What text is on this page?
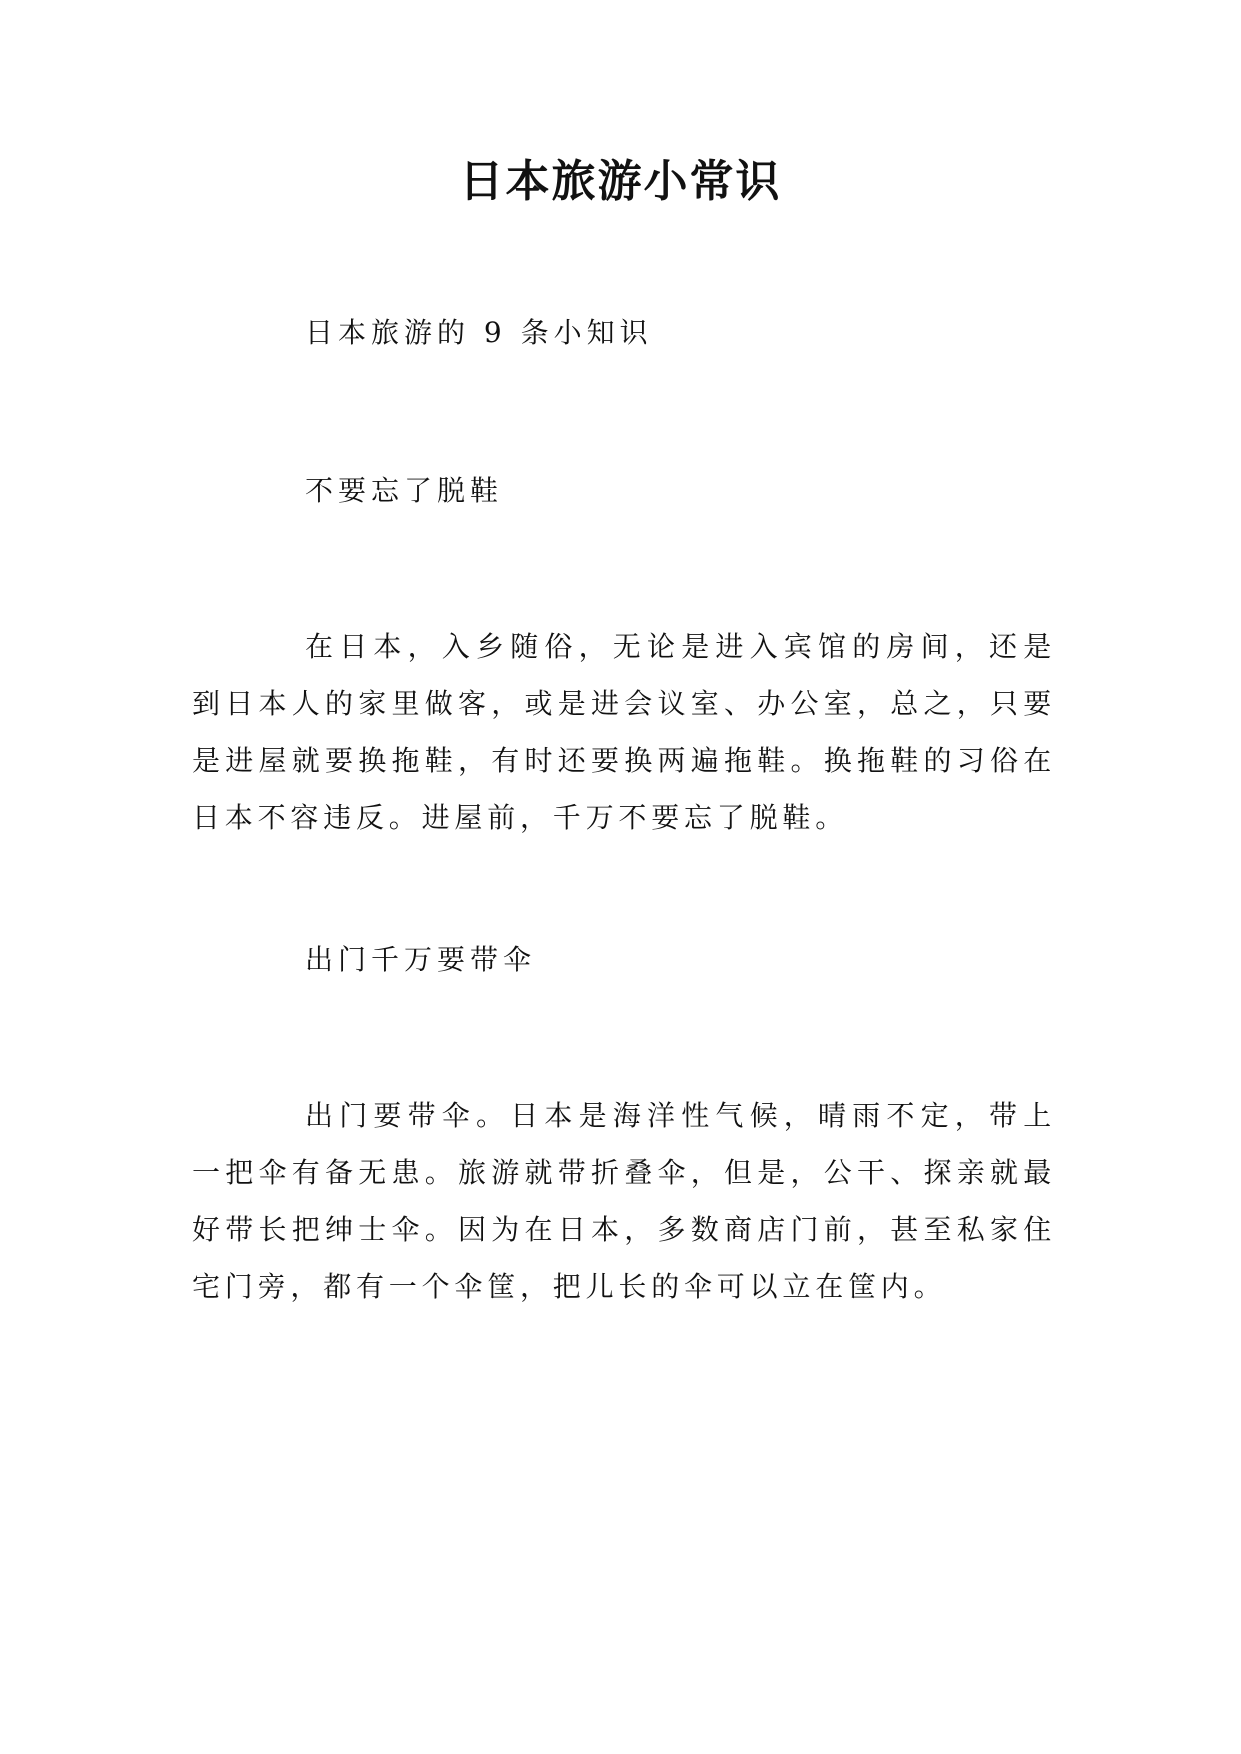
日本旅游小常识

日本旅游的 9 条小知识

不要忘了脱鞋

在日本，入乡随俗，无论是进入宾馆的房间，还是到日本人的家里做客，或是进会议室、办公室，总之，只要是进屋就要换拖鞋，有时还要换两遍拖鞋。换拖鞋的习俗在日本不容违反。进屋前，千万不要忘了脱鞋。

出门千万要带伞

出门要带伞。日本是海洋性气候，晴雨不定，带上一把伞有备无患。旅游就带折叠伞，但是，公干、探亲就最好带长把绅士伞。因为在日本，多数商店门前，甚至私家住宅门旁，都有一个伞筐，把儿长的伞可以立在筐内。
